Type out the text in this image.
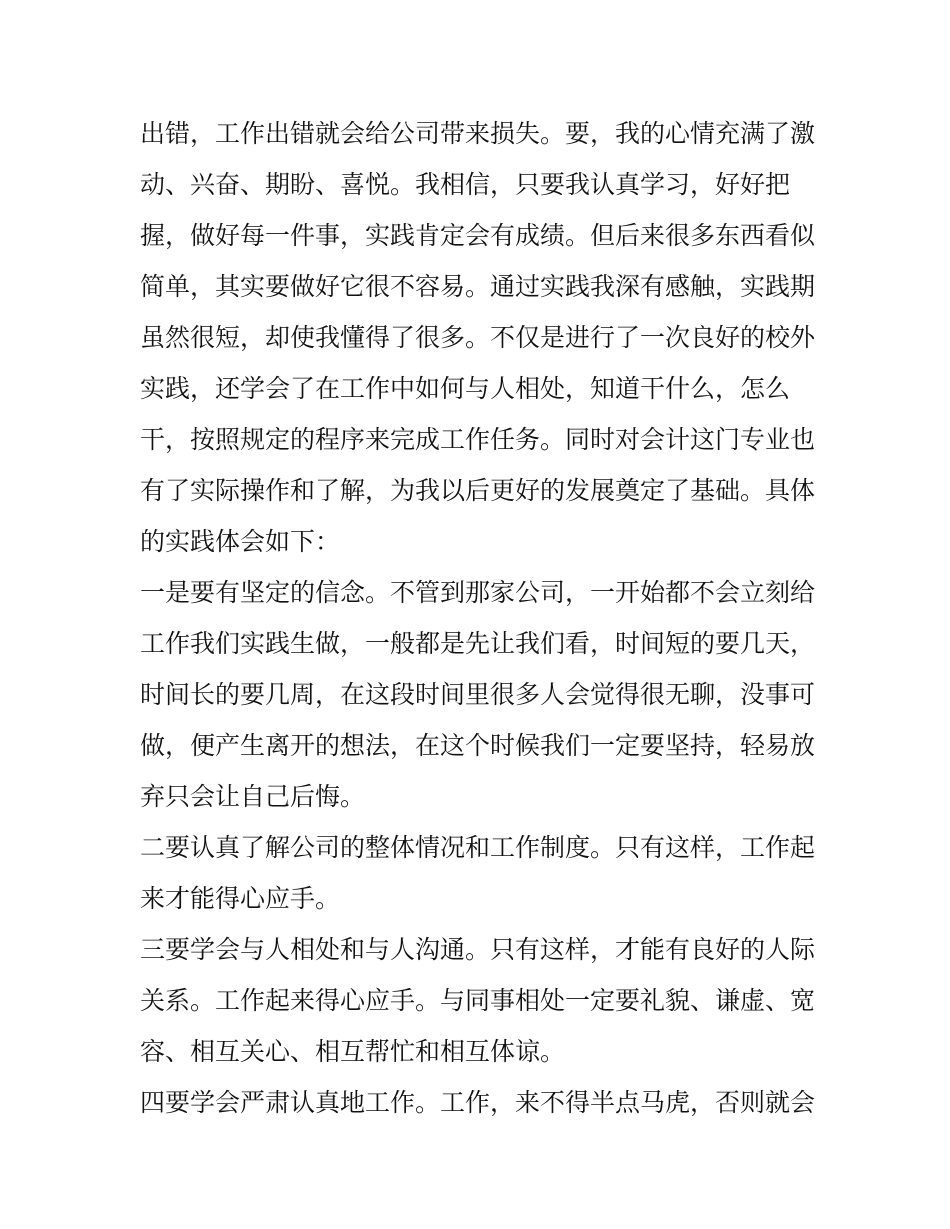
出错，工作出错就会给公司带来损失。要，我的心情充满了激
动、兴奋、期盼、喜悦。我相信，只要我认真学习，好好把
握，做好每一件事，实践肯定会有成绩。但后来很多东西看似
简单，其实要做好它很不容易。通过实践我深有感触，实践期
虽然很短，却使我懂得了很多。不仅是进行了一次良好的校外
实践，还学会了在工作中如何与人相处，知道干什么，怎么
干，按照规定的程序来完成工作任务。同时对会计这门专业也
有了实际操作和了解，为我以后更好的发展奠定了基础。具体
的实践体会如下：
一是要有坚定的信念。不管到那家公司，一开始都不会立刻给
工作我们实践生做，一般都是先让我们看，时间短的要几天，
时间长的要几周，在这段时间里很多人会觉得很无聊，没事可
做，便产生离开的想法，在这个时候我们一定要坚持，轻易放
弃只会让自己后悔。
二要认真了解公司的整体情况和工作制度。只有这样，工作起
来才能得心应手。
三要学会与人相处和与人沟通。只有这样，才能有良好的人际
关系。工作起来得心应手。与同事相处一定要礼貌、谦虚、宽
容、相互关心、相互帮忙和相互体谅。
四要学会严肃认真地工作。工作，来不得半点马虎，否则就会
